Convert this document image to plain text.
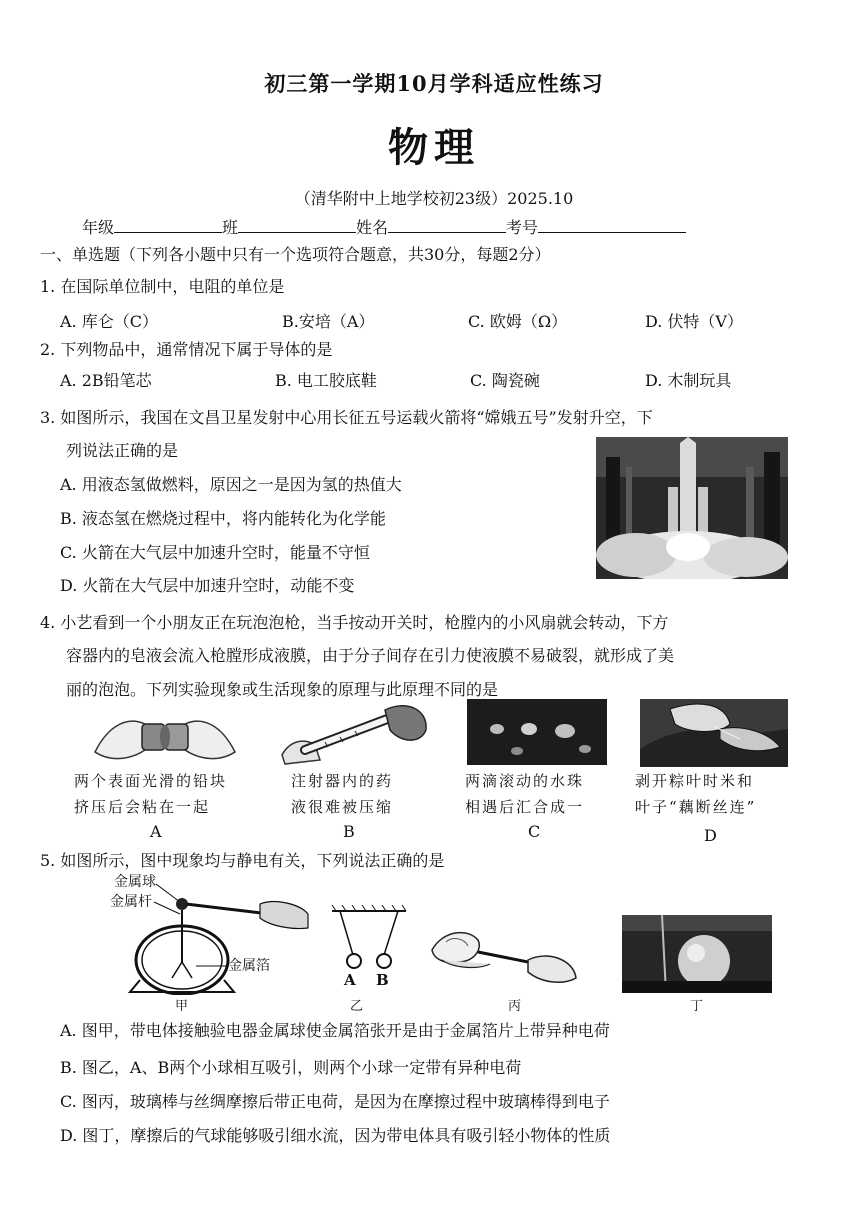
初三第一学期10月学科适应性练习
物理
（清华附中上地学校初23级）2025.10
年级	班	姓名	考号
一、单选题（下列各小题中只有一个选项符合题意，共30分，每题2分）
1. 在国际单位制中，电阻的单位是
A. 库仑（C）	B.安培（A）	C. 欧姆（Ω）	D. 伏特（V）
2. 下列物品中，通常情况下属于导体的是
A. 2B铅笔芯	B. 电工胶底鞋	C. 陶瓷碗	D. 木制玩具
3. 如图所示，我国在文昌卫星发射中心用长征五号运载火箭将“嫦娥五号”发射升空，下
列说法正确的是
A. 用液态氢做燃料，原因之一是因为氢的热值大
B. 液态氢在燃烧过程中，将内能转化为化学能
C. 火箭在大气层中加速升空时，能量不守恒
D. 火箭在大气层中加速升空时，动能不变
4. 小艺看到一个小朋友正在玩泡泡枪，当手按动开关时，枪膛内的小风扇就会转动，下方
容器内的皂液会流入枪膛形成液膜，由于分子间存在引力使液膜不易破裂，就形成了美
丽的泡泡。下列实验现象或生活现象的原理与此原理不同的是
两个表面光滑的铅块
挤压后会粘在一起
A
注射器内的药
液很难被压缩
B
两滴滚动的水珠
相遇后汇合成一
C
剥开粽叶时米和
叶子“藕断丝连”
D
5. 如图所示，图中现象均与静电有关，下列说法正确的是
金属球
金属杆
金属箔
甲
A B
乙	丙	丁
A. 图甲，带电体接触验电器金属球使金属箔张开是由于金属箔片上带异种电荷
B. 图乙，A、B两个小球相互吸引，则两个小球一定带有异种电荷
C. 图丙，玻璃棒与丝绸摩擦后带正电荷，是因为在摩擦过程中玻璃棒得到电子
D. 图丁，摩擦后的气球能够吸引细水流，因为带电体具有吸引轻小物体的性质
